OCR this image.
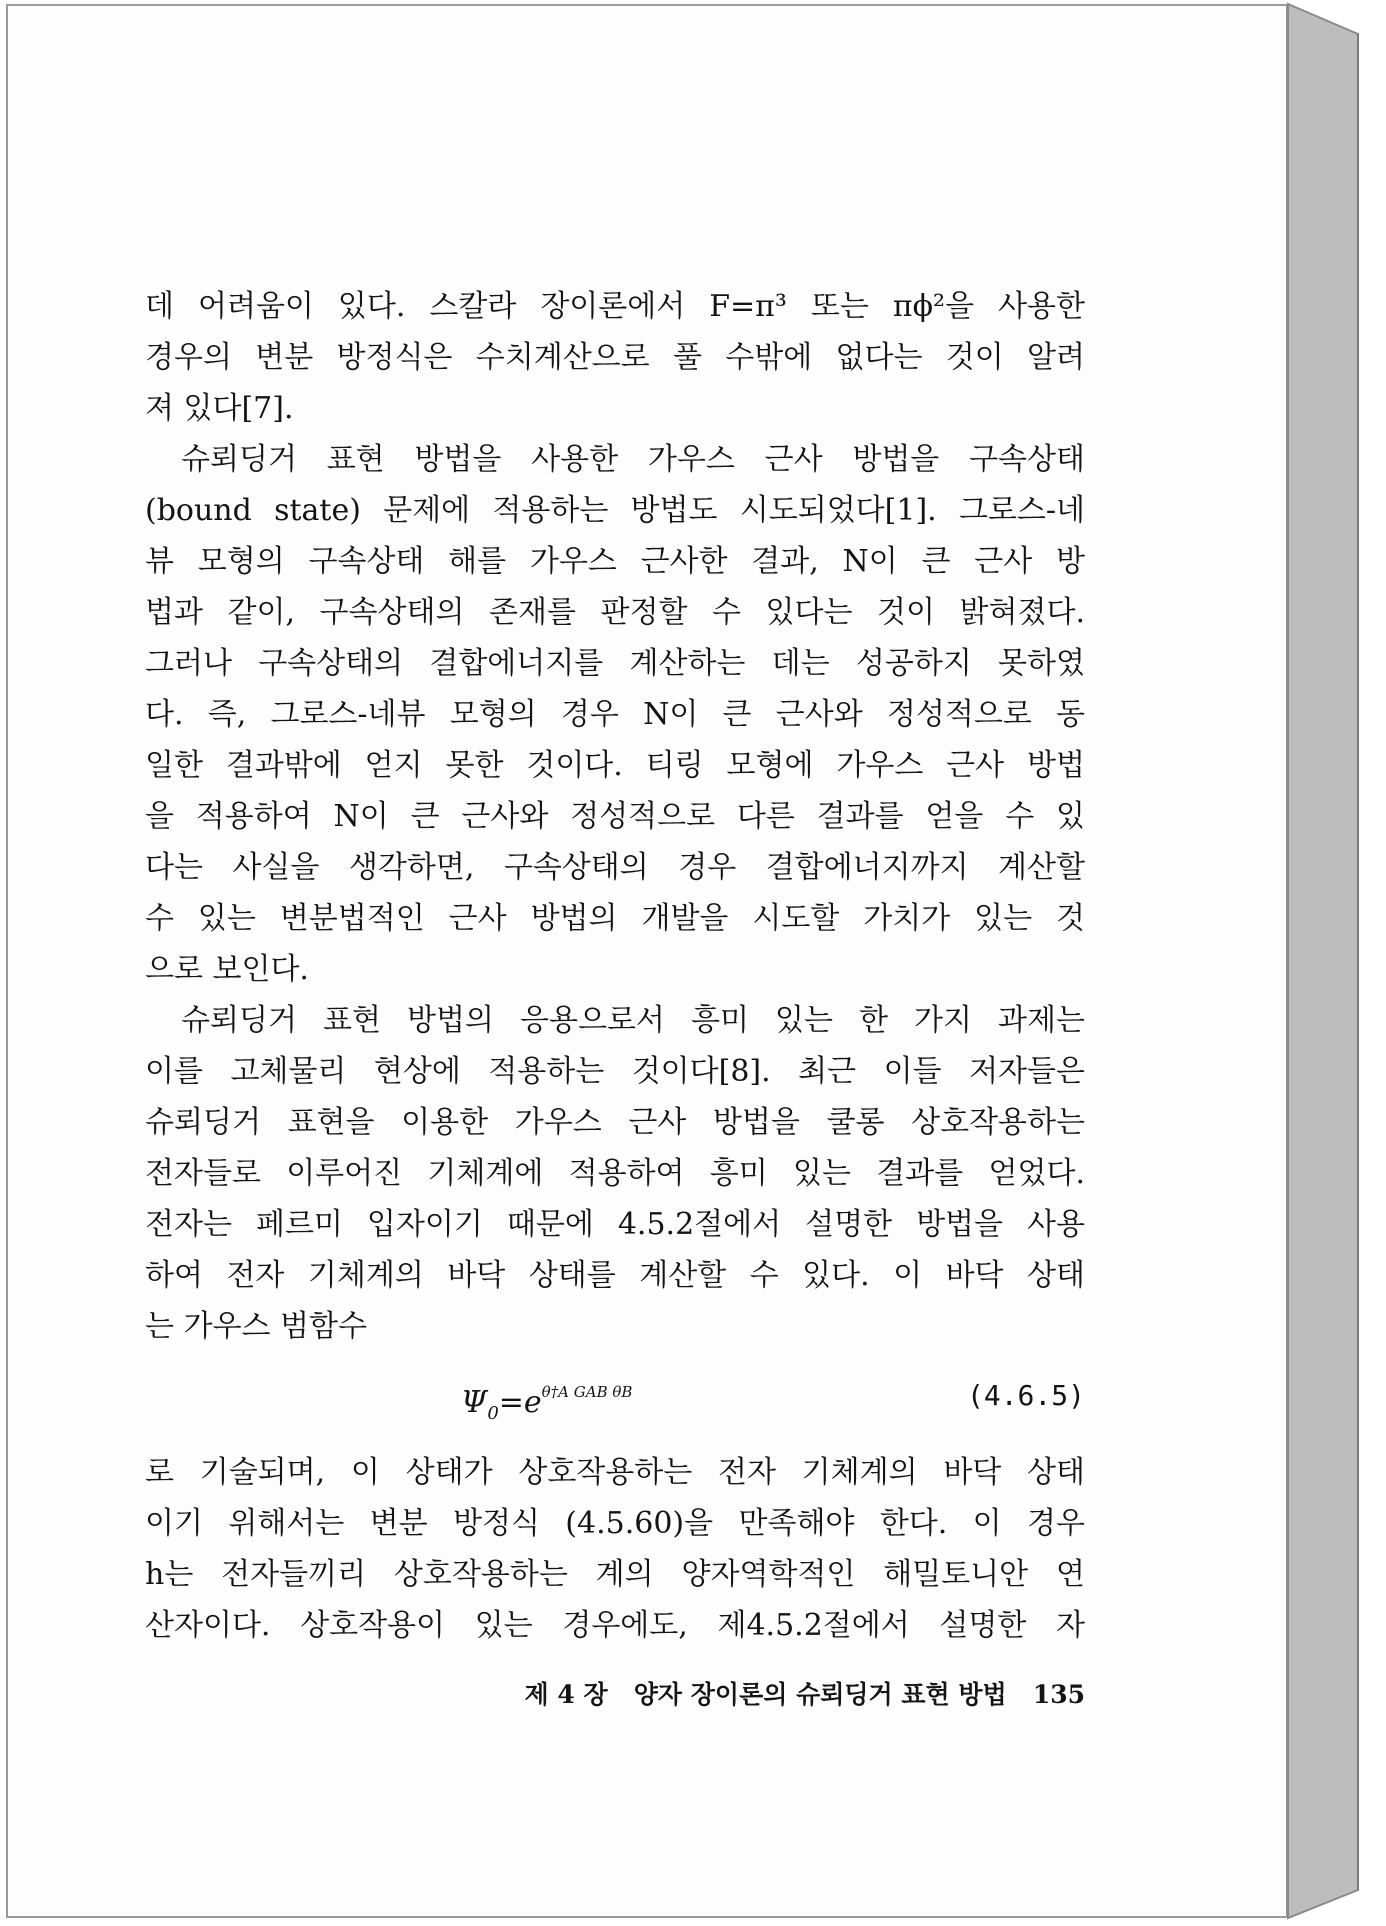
데 어려움이 있다. 스칼라 장이론에서 F=π³ 또는 πϕ²을 사용한
경우의 변분 방정식은 수치계산으로 풀 수밖에 없다는 것이 알려
져 있다[7].
슈뢰딩거 표현 방법을 사용한 가우스 근사 방법을 구속상태
(bound state) 문제에 적용하는 방법도 시도되었다[1]. 그로스-네
뷰 모형의 구속상태 해를 가우스 근사한 결과, N이 큰 근사 방
법과 같이, 구속상태의 존재를 판정할 수 있다는 것이 밝혀졌다.
그러나 구속상태의 결합에너지를 계산하는 데는 성공하지 못하였
다. 즉, 그로스-네뷰 모형의 경우 N이 큰 근사와 정성적으로 동
일한 결과밖에 얻지 못한 것이다. 티링 모형에 가우스 근사 방법
을 적용하여 N이 큰 근사와 정성적으로 다른 결과를 얻을 수 있
다는 사실을 생각하면, 구속상태의 경우 결합에너지까지 계산할
수 있는 변분법적인 근사 방법의 개발을 시도할 가치가 있는 것
으로 보인다.
슈뢰딩거 표현 방법의 응용으로서 흥미 있는 한 가지 과제는
이를 고체물리 현상에 적용하는 것이다[8]. 최근 이들 저자들은
슈뢰딩거 표현을 이용한 가우스 근사 방법을 쿨롱 상호작용하는
전자들로 이루어진 기체계에 적용하여 흥미 있는 결과를 얻었다.
전자는 페르미 입자이기 때문에 4.5.2절에서 설명한 방법을 사용
하여 전자 기체계의 바닥 상태를 계산할 수 있다. 이 바닥 상태
는 가우스 범함수
$\Psi_0=e^{\theta\dagger A GAB \theta B}$	(4.6.5)
로 기술되며, 이 상태가 상호작용하는 전자 기체계의 바닥 상태
이기 위해서는 변분 방정식 (4.5.60)을 만족해야 한다. 이 경우
h는 전자들끼리 상호작용하는 계의 양자역학적인 해밀토니안 연
산자이다. 상호작용이 있는 경우에도, 제4.5.2절에서 설명한 자
제 4 장 양자 장이론의 슈뢰딩거 표현 방법 135
